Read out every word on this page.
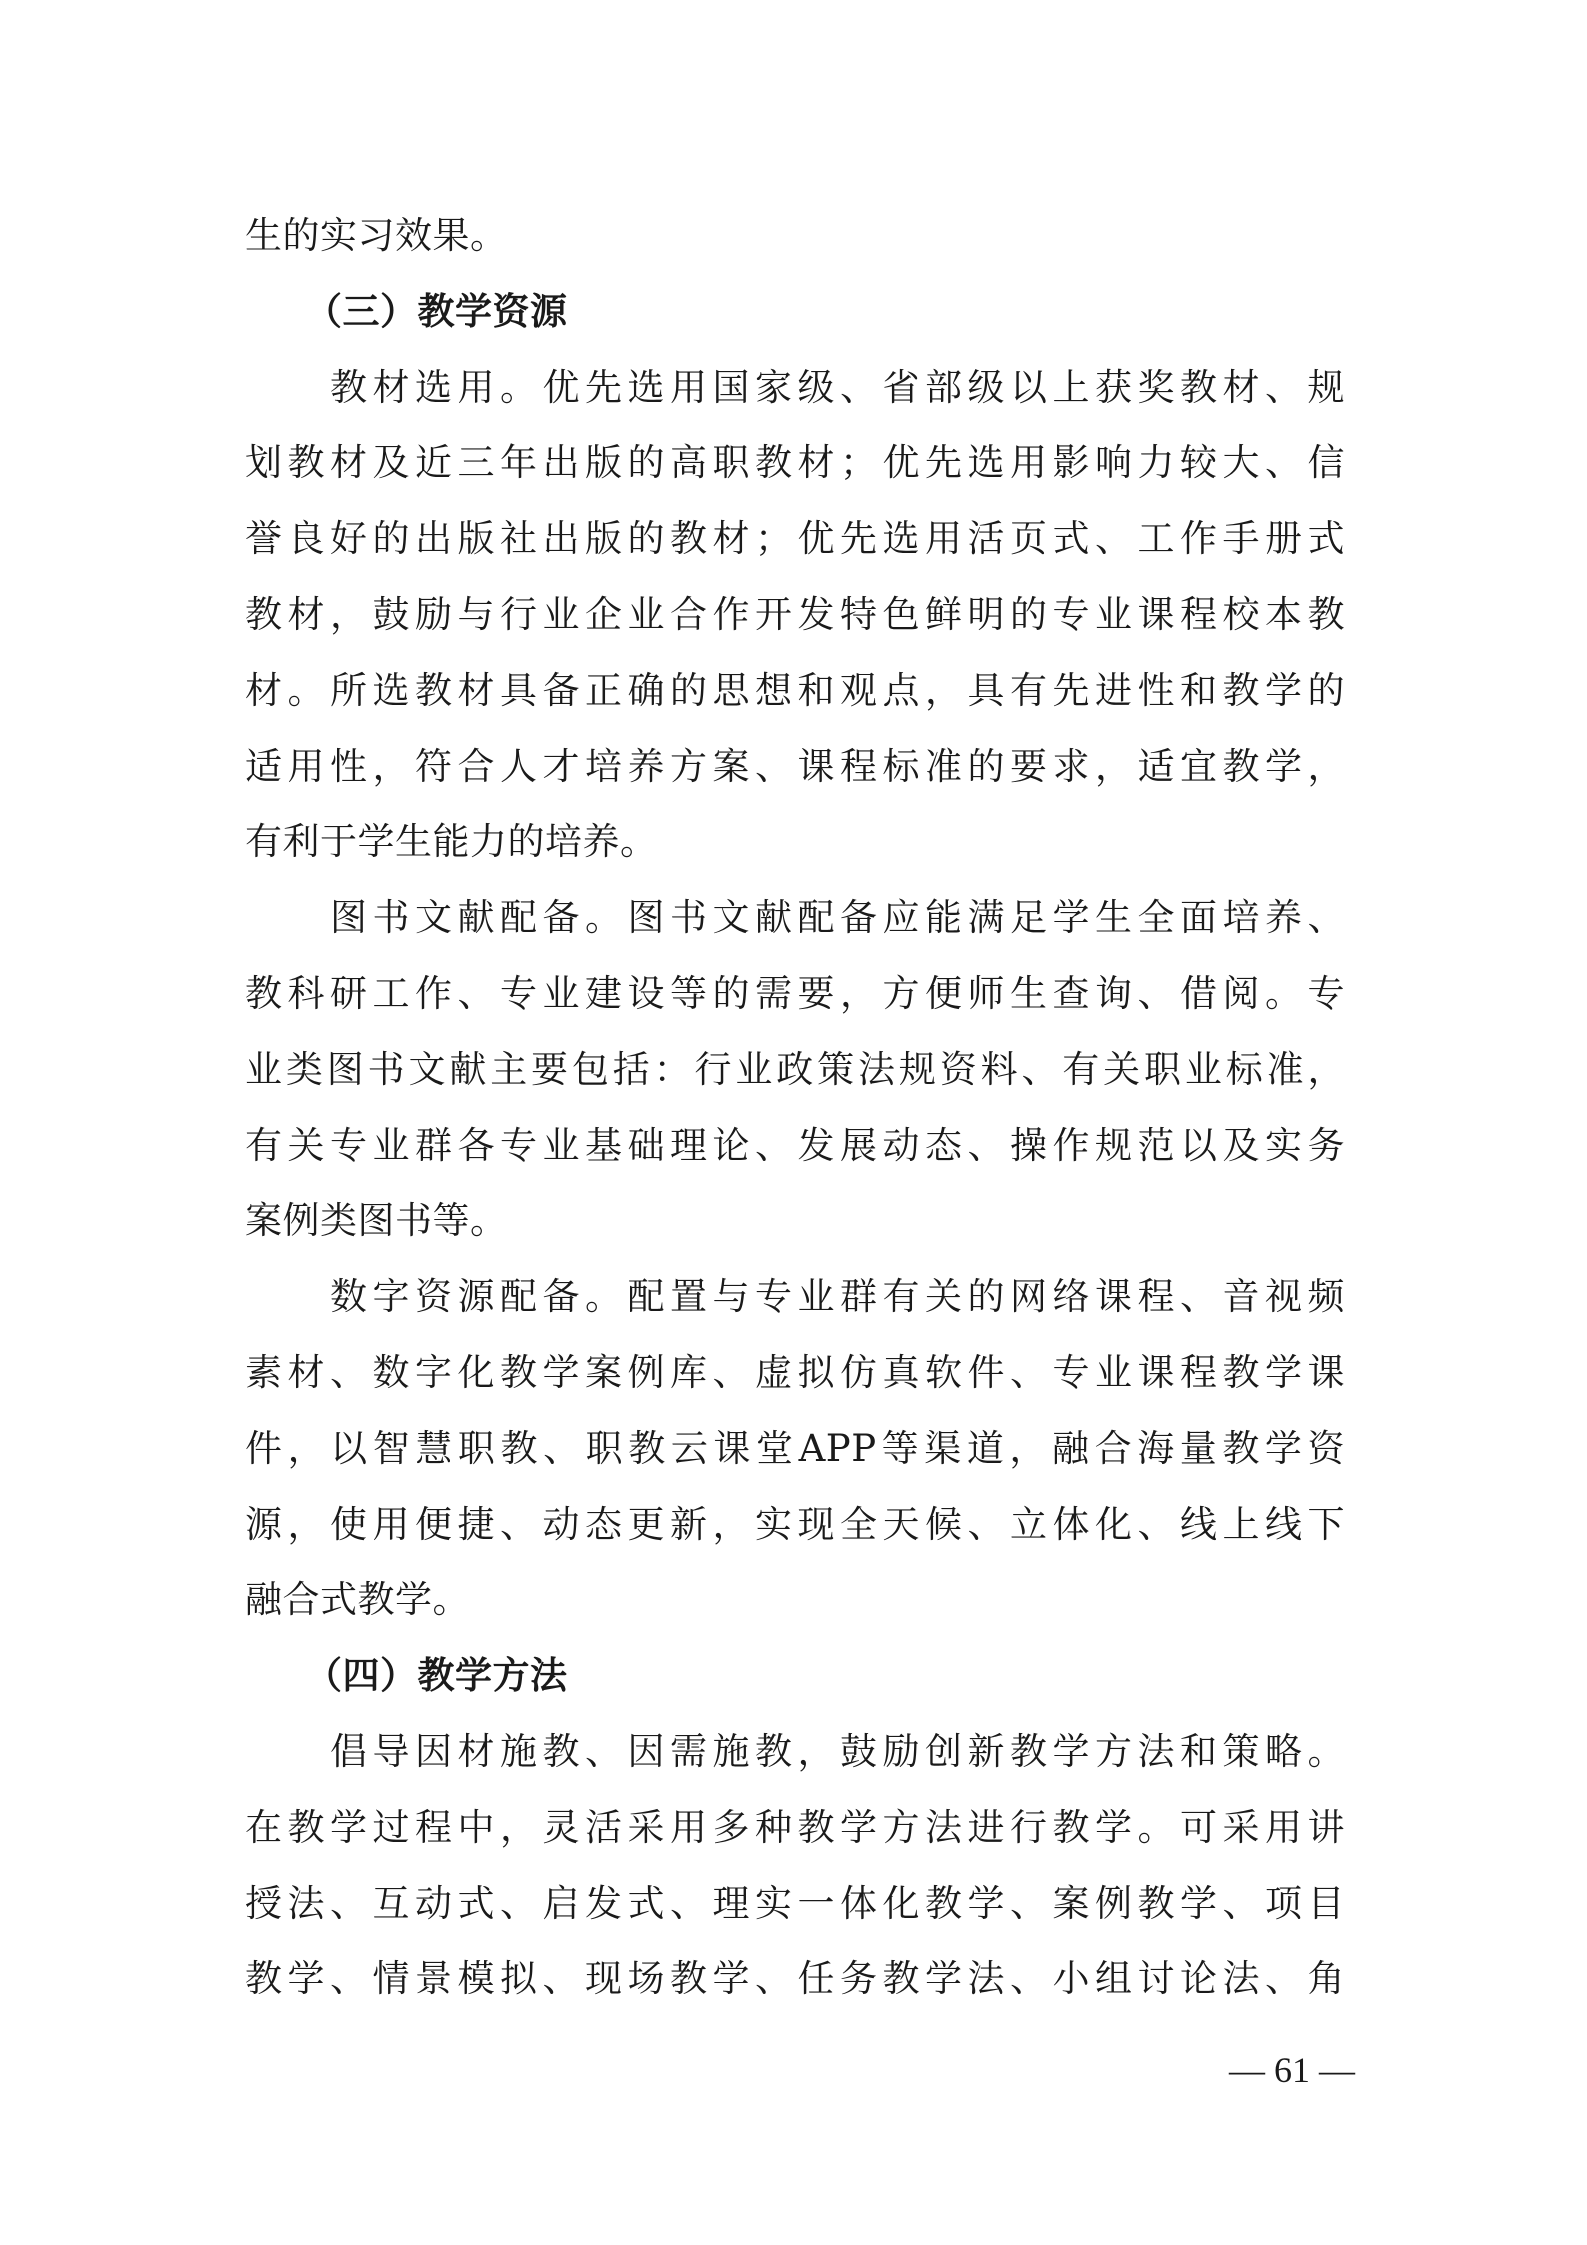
生的实习效果。
（三）教学资源
　　教材选用。优先选用国家级、省部级以上获奖教材、规
划教材及近三年出版的高职教材；优先选用影响力较大、信
誉良好的出版社出版的教材；优先选用活页式、工作手册式
教材，鼓励与行业企业合作开发特色鲜明的专业课程校本教
材。所选教材具备正确的思想和观点，具有先进性和教学的
适用性，符合人才培养方案、课程标准的要求，适宜教学，
有利于学生能力的培养。
　　图书文献配备。图书文献配备应能满足学生全面培养、
教科研工作、专业建设等的需要，方便师生查询、借阅。专
业类图书文献主要包括：行业政策法规资料、有关职业标准，
有关专业群各专业基础理论、发展动态、操作规范以及实务
案例类图书等。
　　数字资源配备。配置与专业群有关的网络课程、音视频
素材、数字化教学案例库、虚拟仿真软件、专业课程教学课
件，以智慧职教、职教云课堂APP等渠道，融合海量教学资
源，使用便捷、动态更新，实现全天候、立体化、线上线下
融合式教学。
（四）教学方法
　　倡导因材施教、因需施教，鼓励创新教学方法和策略。
在教学过程中，灵活采用多种教学方法进行教学。可采用讲
授法、互动式、启发式、理实一体化教学、案例教学、项目
教学、情景模拟、现场教学、任务教学法、小组讨论法、角
— 61 —
